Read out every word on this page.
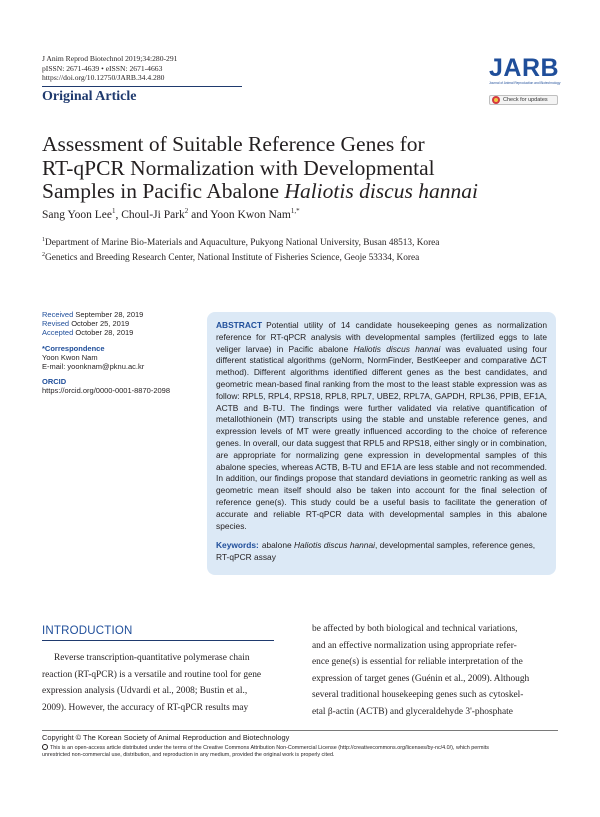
J Anim Reprod Biotechnol 2019;34:280-291
pISSN: 2671-4639 • eISSN: 2671-4663
https://doi.org/10.12750/JARB.34.4.280
Original Article
JARB
Journal of Animal Reproduction and Biotechnology
Check for updates
Assessment of Suitable Reference Genes for
RT-qPCR Normalization with Developmental
Samples in Pacific Abalone Haliotis discus hannai
Sang Yoon Lee$^1$, Choul-Ji Park$^2$ and Yoon Kwon Nam$^{1,*}$
$^1$Department of Marine Bio-Materials and Aquaculture, Pukyong National University, Busan 48513, Korea
$^2$Genetics and Breeding Research Center, National Institute of Fisheries Science, Geoje 53334, Korea
Received September 28, 2019
Revised October 25, 2019
Accepted October 28, 2019
*Correspondence
Yoon Kwon Nam
E-mail: yoonknam@pknu.ac.kr
ORCID
https://orcid.org/0000-0001-8870-2098
ABSTRACT Potential utility of 14 candidate housekeeping genes as normalization reference for RT-qPCR analysis with developmental samples (fertilized eggs to late veliger larvae) in Pacific abalone Haliotis discus hannai was evaluated using four different statistical algorithms (geNorm, NormFinder, BestKeeper and comparative ΔCT method). Different algorithms identified different genes as the best candidates, and geometric mean-based final ranking from the most to the least stable expression was as follow: RPL5, RPL4, RPS18, RPL8, RPL7, UBE2, RPL7A, GAPDH, RPL36, PPIB, EF1A, ACTB and B-TU. The findings were further validated via relative quantification of metallothionein (MT) transcripts using the stable and unstable reference genes, and expression levels of MT were greatly influenced according to the choice of reference genes. In overall, our data suggest that RPL5 and RPS18, either singly or in combination, are appropriate for normalizing gene expression in developmental samples of this abalone species, whereas ACTB, B-TU and EF1A are less stable and not recommended. In addition, our findings propose that standard deviations in geometric ranking as well as geometric mean itself should also be taken into account for the final selection of reference gene(s). This study could be a useful basis to facilitate the generation of accurate and reliable RT-qPCR data with developmental samples in this abalone species.
Keywords: abalone Haliotis discus hannai, developmental samples, reference genes, RT-qPCR assay
INTRODUCTION
Reverse transcription-quantitative polymerase chain
reaction (RT-qPCR) is a versatile and routine tool for gene
expression analysis (Udvardi et al., 2008; Bustin et al.,
2009). However, the accuracy of RT-qPCR results may
be affected by both biological and technical variations,
and an effective normalization using appropriate refer-
ence gene(s) is essential for reliable interpretation of the
expression of target genes (Guénin et al., 2009). Although
several traditional housekeeping genes such as cytoskel-
etal β-actin (ACTB) and glyceraldehyde 3'-phosphate
Copyright © The Korean Society of Animal Reproduction and Biotechnology
This is an open-access article distributed under the terms of the Creative Commons Attribution Non-Commercial License (http://creativecommons.org/licenses/by-nc/4.0/), which permits
unrestricted non-commercial use, distribution, and reproduction in any medium, provided the original work is properly cited.
